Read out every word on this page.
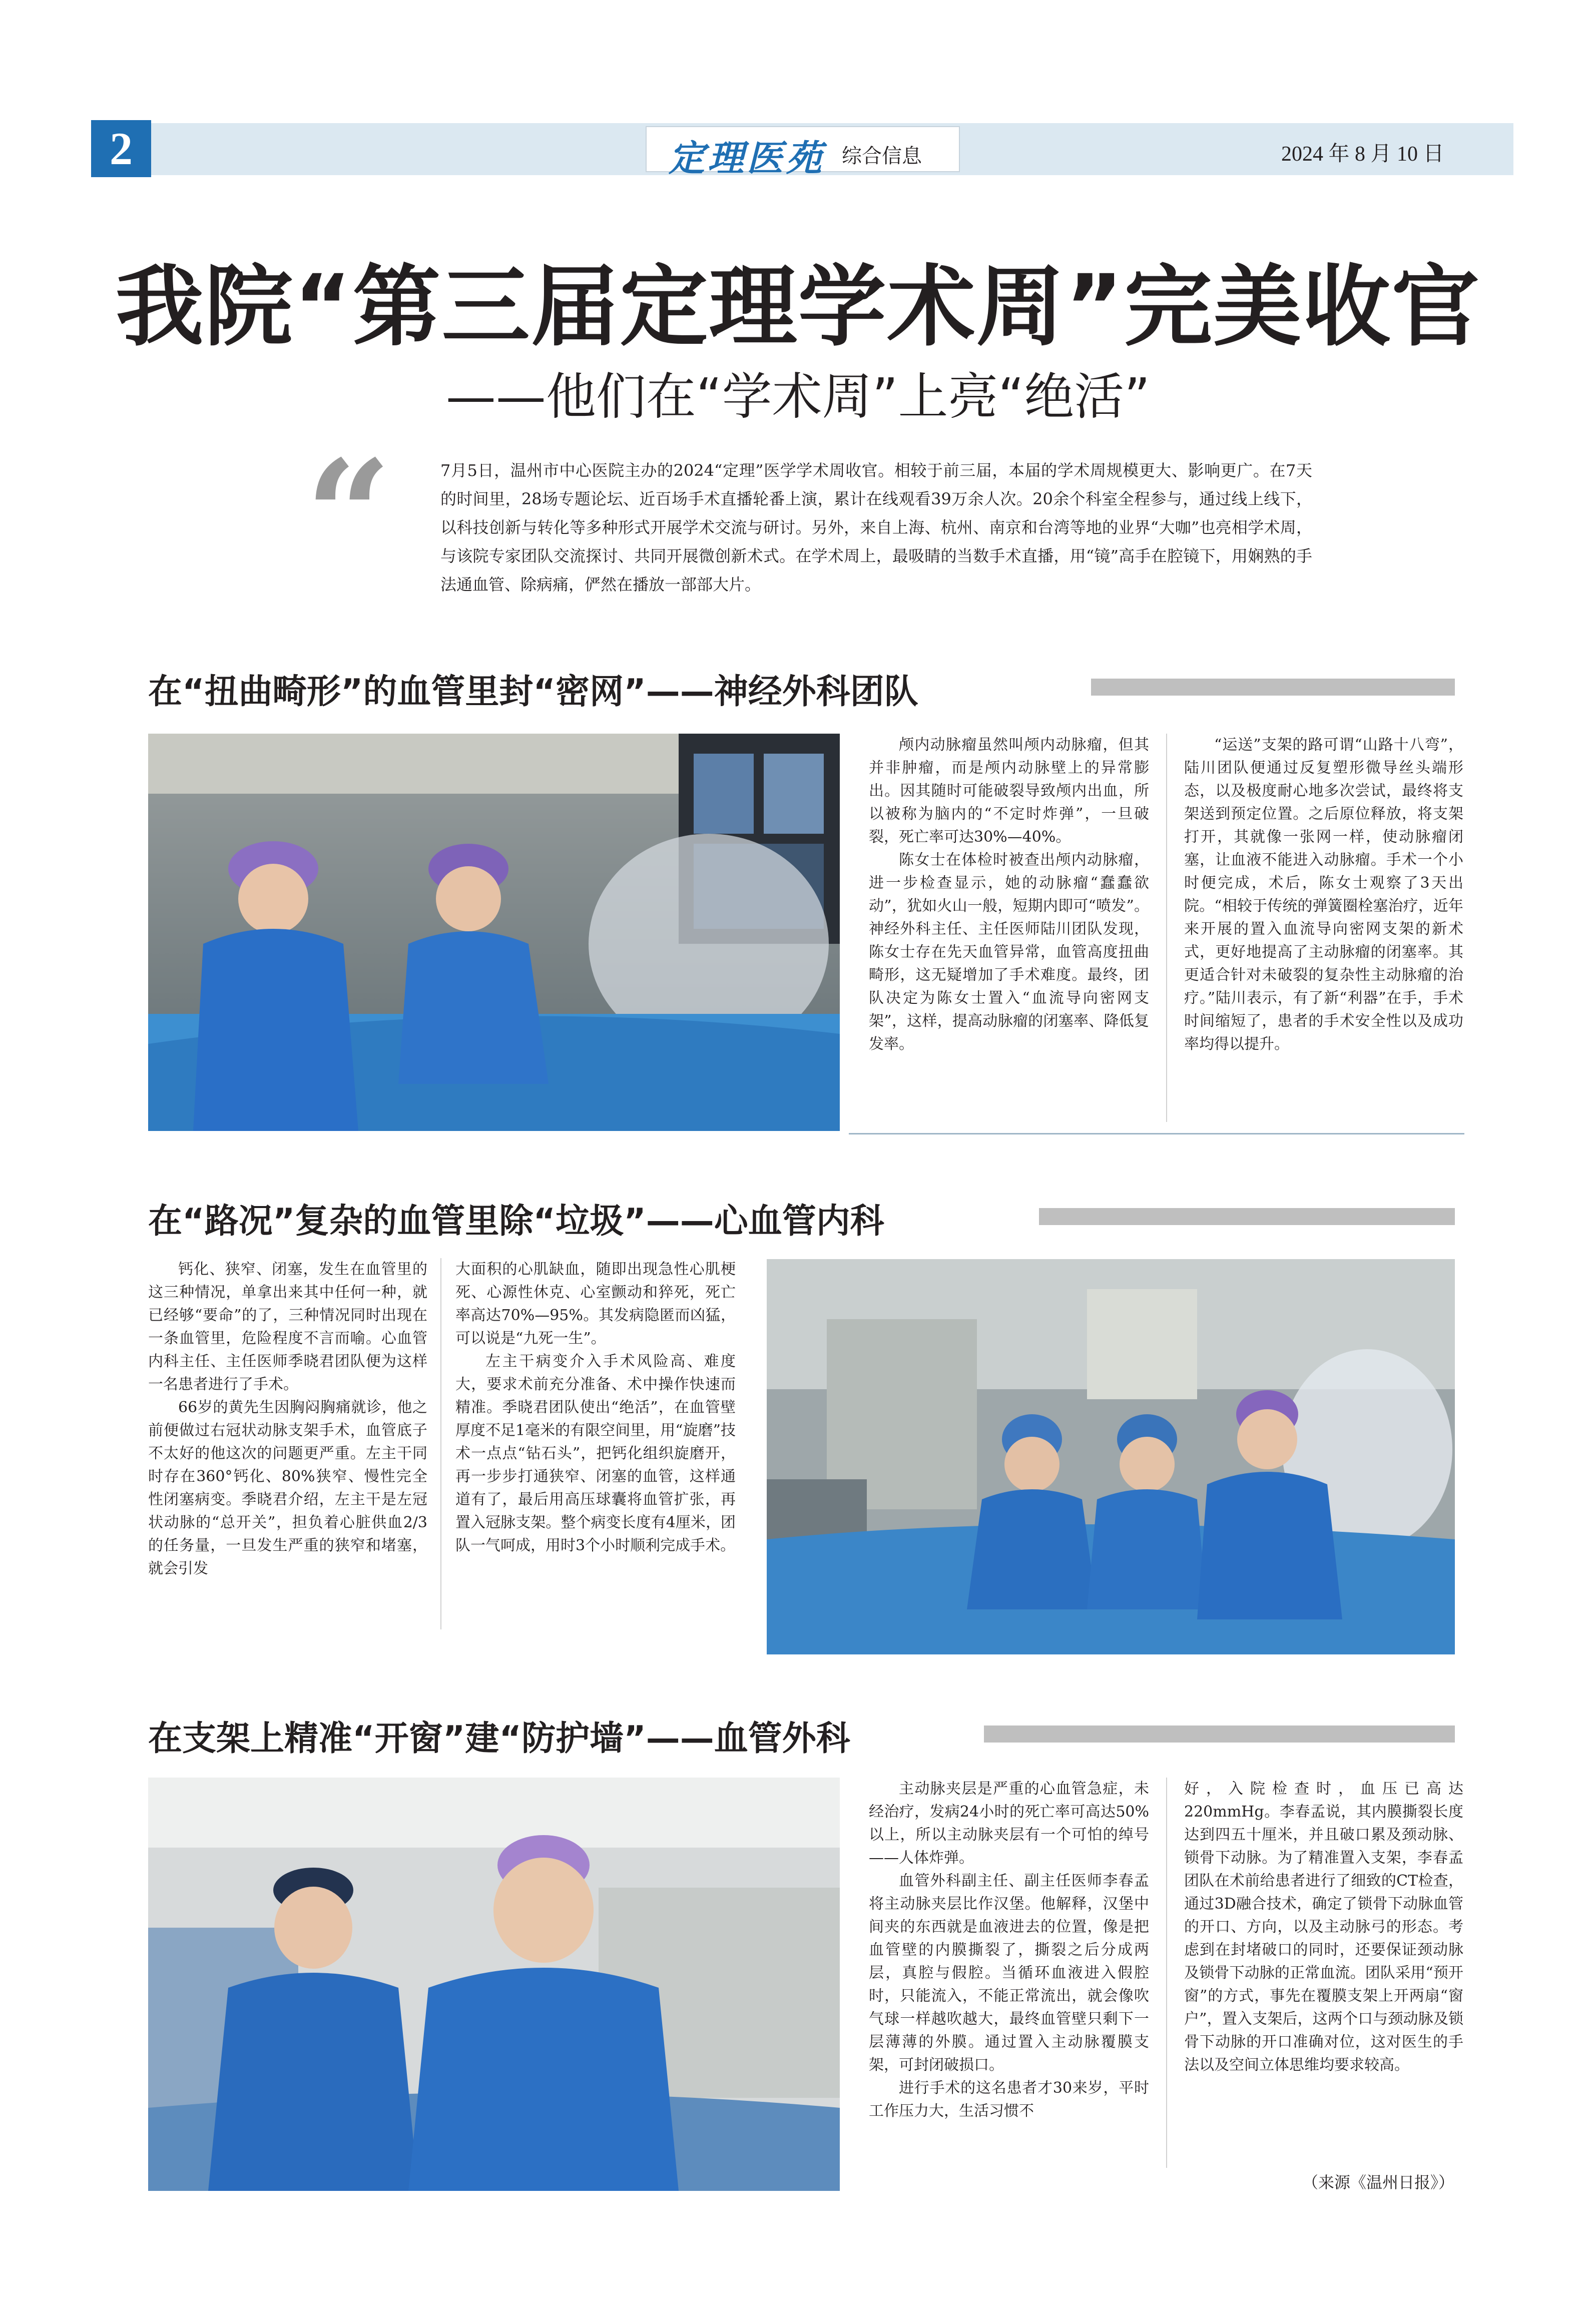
2	定理医苑 综合信息	2024 年 8 月 10 日
我院“第三届定理学术周”完美收官
——他们在“学术周”上亮“绝活”
“	7月5日，温州市中心医院主办的2024“定理”医学学术周收官。相较于前三届，本届的学术周规模更大、影响更广。在7天的时间里，28场专题论坛、近百场手术直播轮番上演，累计在线观看39万余人次。20余个科室全程参与，通过线上线下，以科技创新与转化等多种形式开展学术交流与研讨。另外，来自上海、杭州、南京和台湾等地的业界“大咖”也亮相学术周，与该院专家团队交流探讨、共同开展微创新术式。在学术周上，最吸睛的当数手术直播，用“镜”高手在腔镜下，用娴熟的手法通血管、除病痛，俨然在播放一部部大片。
在“扭曲畸形”的血管里封“密网”——神经外科团队

颅内动脉瘤虽然叫颅内动脉瘤，但其并非肿瘤，而是颅内动脉壁上的异常膨出。因其随时可能破裂导致颅内出血，所以被称为脑内的“不定时炸弹”，一旦破裂，死亡率可达30%—40%。

陈女士在体检时被查出颅内动脉瘤，进一步检查显示，她的动脉瘤“蠢蠢欲动”，犹如火山一般，短期内即可“喷发”。神经外科主任、主任医师陆川团队发现，陈女士存在先天血管异常，血管高度扭曲畸形，这无疑增加了手术难度。最终，团队决定为陈女士置入“血流导向密网支架”，这样，提高动脉瘤的闭塞率、降低复发率。

“运送”支架的路可谓“山路十八弯”，陆川团队便通过反复塑形微导丝头端形态，以及极度耐心地多次尝试，最终将支架送到预定位置。之后原位释放，将支架打开，其就像一张网一样，使动脉瘤闭塞，让血液不能进入动脉瘤。手术一个小时便完成，术后，陈女士观察了3天出院。“相较于传统的弹簧圈栓塞治疗，近年来开展的置入血流导向密网支架的新术式，更好地提高了主动脉瘤的闭塞率。其更适合针对未破裂的复杂性主动脉瘤的治疗。”陆川表示，有了新“利器”在手，手术时间缩短了，患者的手术安全性以及成功率均得以提升。

在“路况”复杂的血管里除“垃圾”——心血管内科

钙化、狭窄、闭塞，发生在血管里的这三种情况，单拿出来其中任何一种，就已经够“要命”的了，三种情况同时出现在一条血管里，危险程度不言而喻。心血管内科主任、主任医师季晓君团队便为这样一名患者进行了手术。

66岁的黄先生因胸闷胸痛就诊，他之前便做过右冠状动脉支架手术，血管底子不太好的他这次的问题更严重。左主干同时存在360°钙化、80%狭窄、慢性完全性闭塞病变。季晓君介绍，左主干是左冠状动脉的“总开关”，担负着心脏供血2/3的任务量，一旦发生严重的狭窄和堵塞，就会引发

大面积的心肌缺血，随即出现急性心肌梗死、心源性休克、心室颤动和猝死，死亡率高达70%—95%。其发病隐匿而凶猛，可以说是“九死一生”。

左主干病变介入手术风险高、难度大，要求术前充分准备、术中操作快速而精准。季晓君团队使出“绝活”，在血管壁厚度不足1毫米的有限空间里，用“旋磨”技术一点点“钻石头”，把钙化组织旋磨开，再一步步打通狭窄、闭塞的血管，这样通道有了，最后用高压球囊将血管扩张，再置入冠脉支架。整个病变长度有4厘米，团队一气呵成，用时3个小时顺利完成手术。

在支架上精准“开窗”建“防护墙”——血管外科

主动脉夹层是严重的心血管急症，未经治疗，发病24小时的死亡率可高达50%以上，所以主动脉夹层有一个可怕的绰号——人体炸弹。

血管外科副主任、副主任医师李春孟将主动脉夹层比作汉堡。他解释，汉堡中间夹的东西就是血液进去的位置，像是把血管壁的内膜撕裂了，撕裂之后分成两层，真腔与假腔。当循环血液进入假腔时，只能流入，不能正常流出，就会像吹气球一样越吹越大，最终血管壁只剩下一层薄薄的外膜。通过置入主动脉覆膜支架，可封闭破损口。

进行手术的这名患者才30来岁，平时工作压力大，生活习惯不

好，入院检查时，血压已高达220mmHg。李春孟说，其内膜撕裂长度达到四五十厘米，并且破口累及颈动脉、锁骨下动脉。为了精准置入支架，李春孟团队在术前给患者进行了细致的CT检查，通过3D融合技术，确定了锁骨下动脉血管的开口、方向，以及主动脉弓的形态。考虑到在封堵破口的同时，还要保证颈动脉及锁骨下动脉的正常血流。团队采用“预开窗”的方式，事先在覆膜支架上开两扇“窗户”，置入支架后，这两个口与颈动脉及锁骨下动脉的开口准确对位，这对医生的手法以及空间立体思维均要求较高。

（来源《温州日报》）
